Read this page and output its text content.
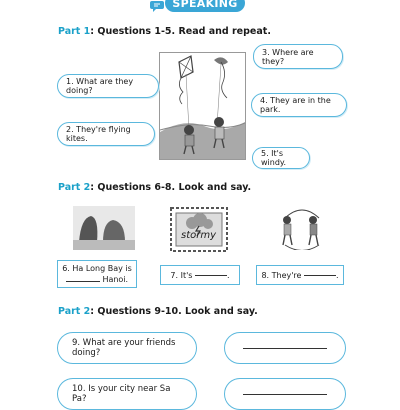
SPEAKING
Part 1: Questions 1-5. Read and repeat.
1. What are they doing?
2. They're flying kites.
3. Where are they?
4. They are in the park.
5. It's windy.
Part 2: Questions 6-8. Look and say.
stormy
6. Ha Long Bay is
Hanoi.	7. It's
	.	8. They're
	.
Part 2: Questions 9-10. Look and say.
9. What are your friends doing?
10. Is your city near Sa Pa?
